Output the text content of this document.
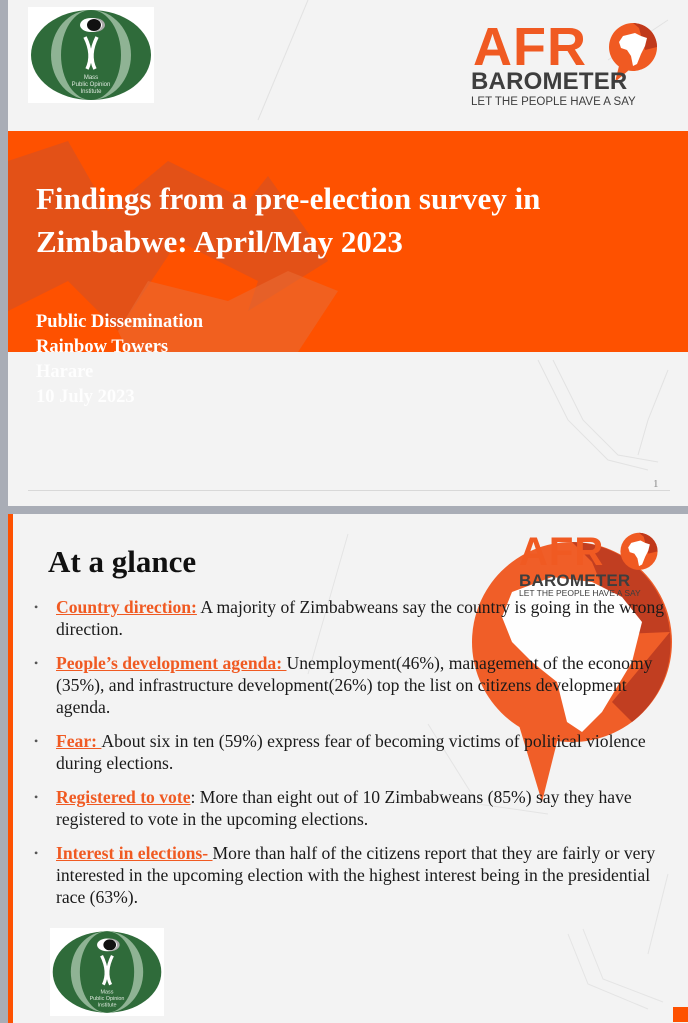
Mass
Public Opinion
Institute
AFR
BAROMETER
LET THE PEOPLE HAVE A SAY
Findings from a pre-election survey in Zimbabwe: April/May 2023
Public Dissemination
Rainbow Towers
Harare
10 July 2023
1
AFR
BAROMETER
LET THE PEOPLE HAVE A SAY
At a glance
• Country direction: A majority of Zimbabweans say the country is going in the wrong direction.
• People’s development agenda: Unemployment(46%), management of the economy (35%), and infrastructure development(26%) top the list on citizens development agenda.
• Fear: About six in ten (59%) express fear of becoming victims of political violence during elections.
• Registered to vote: More than eight out of 10 Zimbabweans (85%) say they have registered to vote in the upcoming elections.
• Interest in elections- More than half of the citizens report that they are fairly or very interested in the upcoming election with the highest interest being in the presidential race (63%).
Mass
Public Opinion
Institute
